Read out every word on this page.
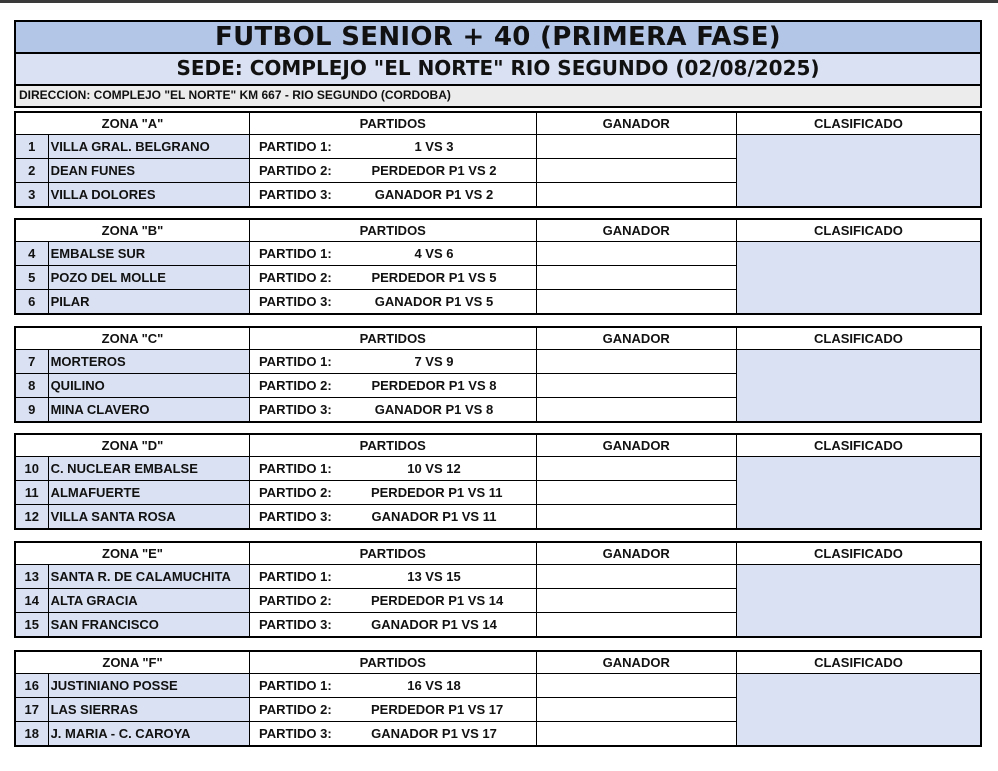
FUTBOL SENIOR + 40 (PRIMERA FASE)
SEDE: COMPLEJO "EL NORTE" RIO SEGUNDO (02/08/2025)
DIRECCION: COMPLEJO "EL NORTE" KM 667 - RIO SEGUNDO (CORDOBA)
ZONA "A"		PARTIDOS	GANADOR	CLASIFICADO
1	VILLA GRAL. BELGRANO	PARTIDO 1: 1 VS 3		
2	DEAN FUNES	PARTIDO 2: PERDEDOR P1 VS 2		
3	VILLA DOLORES	PARTIDO 3: GANADOR P1 VS 2		
ZONA "B"		PARTIDOS	GANADOR	CLASIFICADO
4	EMBALSE SUR	PARTIDO 1: 4 VS 6		
5	POZO DEL MOLLE	PARTIDO 2: PERDEDOR P1 VS 5		
6	PILAR	PARTIDO 3: GANADOR P1 VS 5		
ZONA "C"		PARTIDOS	GANADOR	CLASIFICADO
7	MORTEROS	PARTIDO 1: 7 VS 9		
8	QUILINO	PARTIDO 2: PERDEDOR P1 VS 8		
9	MINA CLAVERO	PARTIDO 3: GANADOR P1 VS 8		
ZONA "D"		PARTIDOS	GANADOR	CLASIFICADO
10	C. NUCLEAR EMBALSE	PARTIDO 1: 10 VS 12		
11	ALMAFUERTE	PARTIDO 2: PERDEDOR P1 VS 11		
12	VILLA SANTA ROSA	PARTIDO 3: GANADOR P1 VS 11		
ZONA "E"		PARTIDOS	GANADOR	CLASIFICADO
13	SANTA R. DE CALAMUCHITA	PARTIDO 1: 13 VS 15		
14	ALTA GRACIA	PARTIDO 2: PERDEDOR P1 VS 14		
15	SAN FRANCISCO	PARTIDO 3: GANADOR P1 VS 14		
ZONA "F"		PARTIDOS	GANADOR	CLASIFICADO
16	JUSTINIANO POSSE	PARTIDO 1: 16 VS 18		
17	LAS SIERRAS	PARTIDO 2: PERDEDOR P1 VS 17		
18	J. MARIA - C. CAROYA	PARTIDO 3: GANADOR P1 VS 17		
